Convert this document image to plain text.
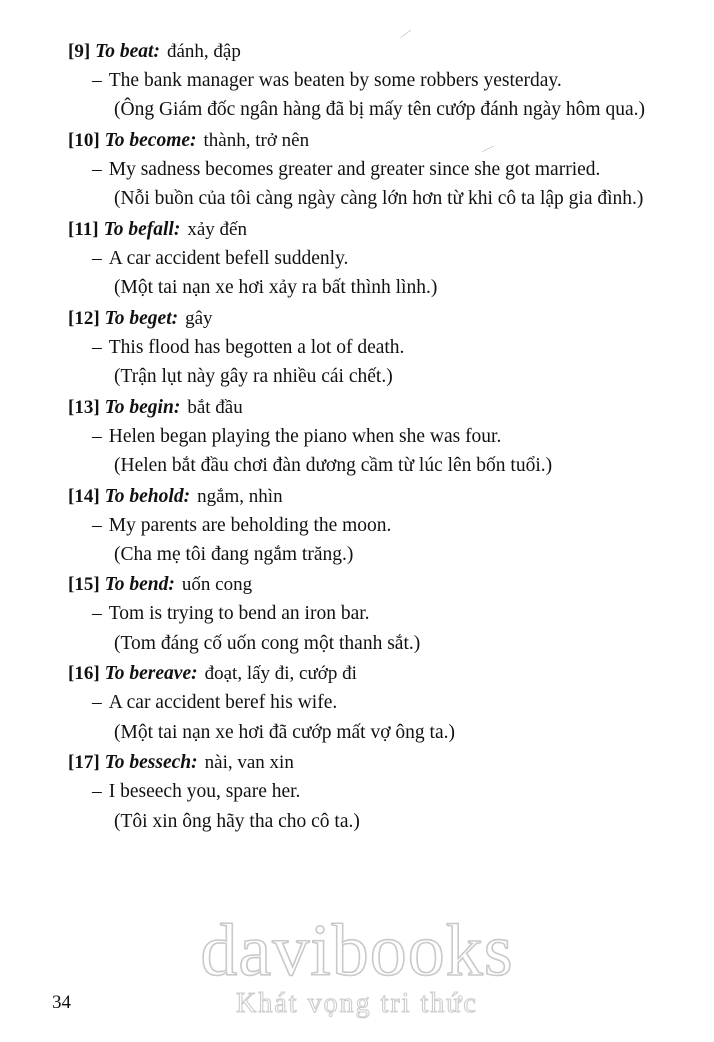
⁄
⁄
[9] To beat: đánh, đập
– The bank manager was beaten by some robbers yesterday.
(Ông Giám đốc ngân hàng đã bị mấy tên cướp đánh ngày hôm qua.)
[10] To become: thành, trở nên
– My sadness becomes greater and greater since she got married.
(Nỗi buồn của tôi càng ngày càng lớn hơn từ khi cô ta lập gia đình.)
[11] To befall: xảy đến
– A car accident befell suddenly.
(Một tai nạn xe hơi xảy ra bất thình lình.)
[12] To beget: gây
– This flood has begotten a lot of death.
(Trận lụt này gây ra nhiều cái chết.)
[13] To begin: bắt đầu
– Helen began playing the piano when she was four.
(Helen bắt đầu chơi đàn dương cầm từ lúc lên bốn tuổi.)
[14] To behold: ngắm, nhìn
– My parents are beholding the moon.
(Cha mẹ tôi đang ngắm trăng.)
[15] To bend: uốn cong
– Tom is trying to bend an iron bar.
(Tom đáng cố uốn cong một thanh sắt.)
[16] To bereave: đoạt, lấy đi, cướp đi
– A car accident beref his wife.
(Một tai nạn xe hơi đã cướp mất vợ ông ta.)
[17] To bessech: nài, van xin
– I beseech you, spare her.
(Tôi xin ông hãy tha cho cô ta.)
davibooks
Khát vọng tri thức
34
